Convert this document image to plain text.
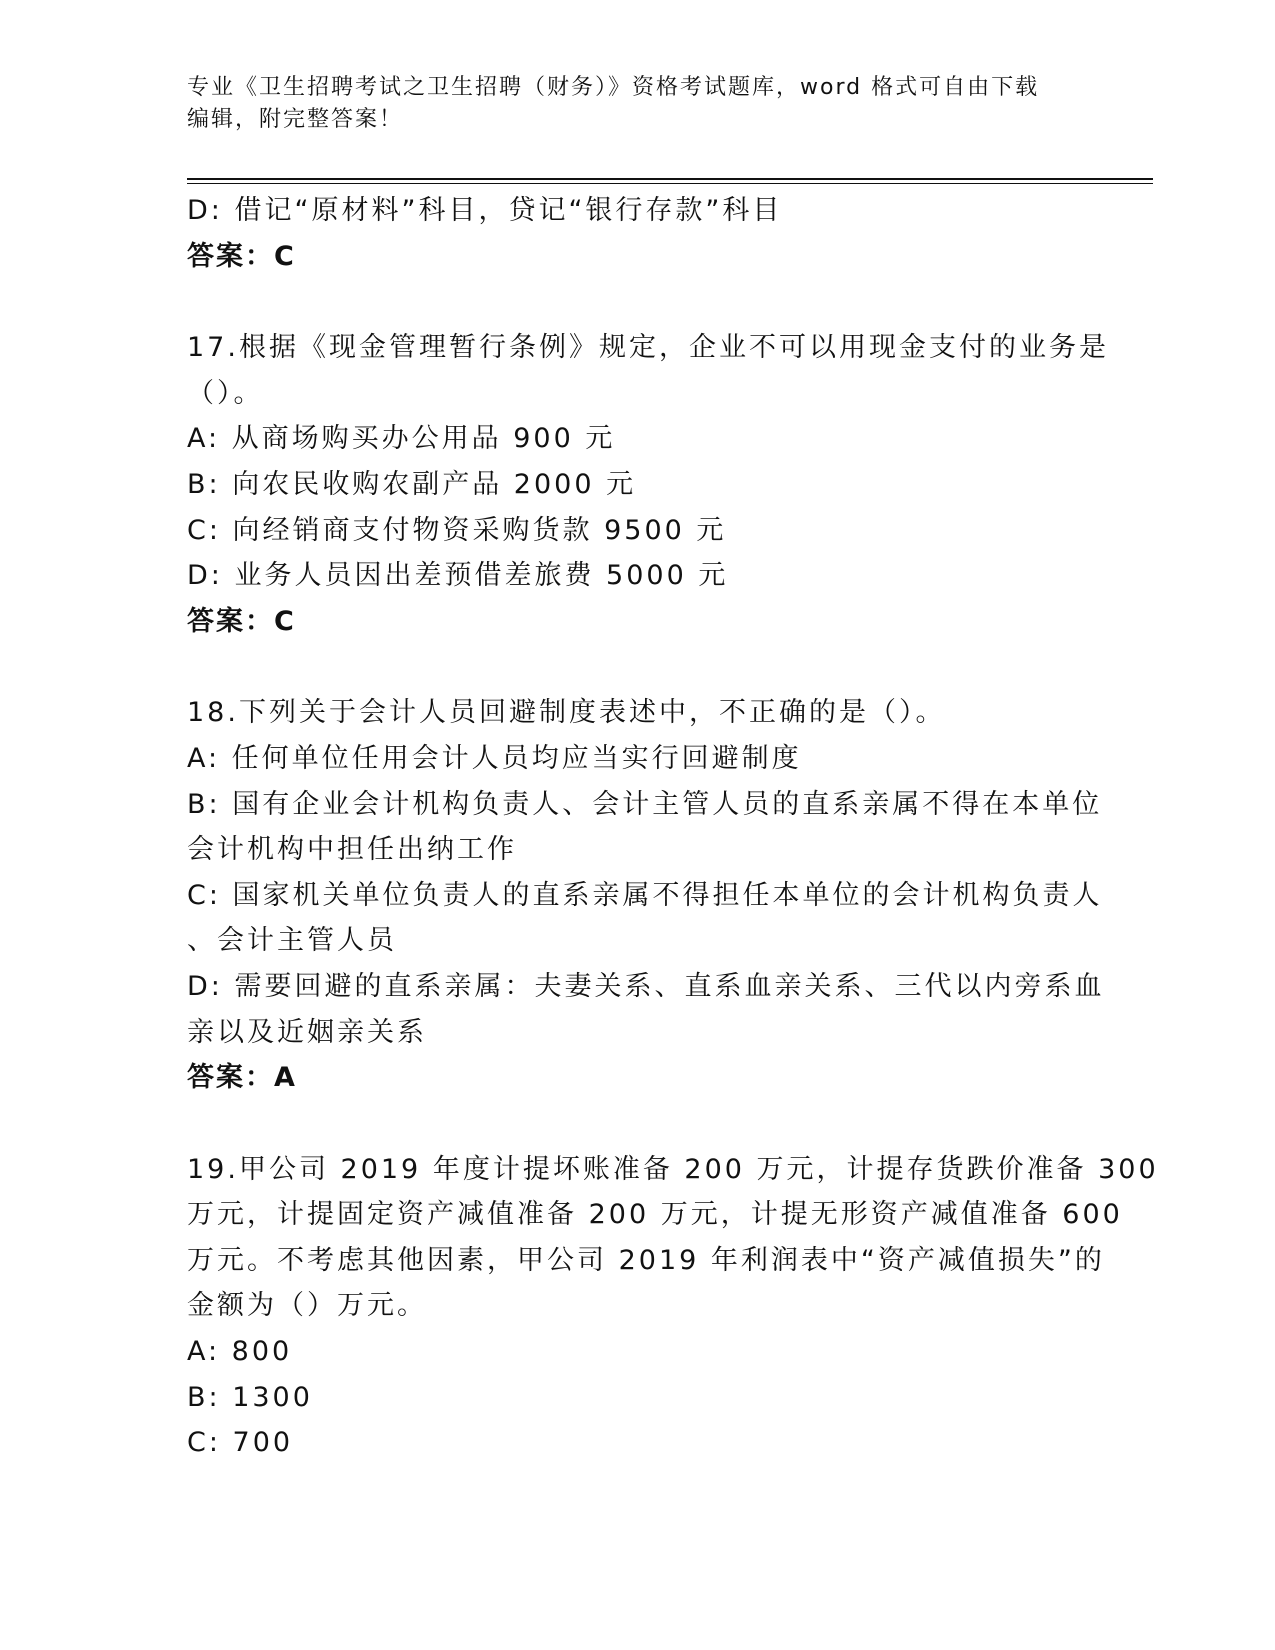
专业《卫生招聘考试之卫生招聘（财务）》资格考试题库，word 格式可自由下载
编辑，附完整答案！
D: 借记“原材料”科目，贷记“银行存款”科目
答案：C
17.根据《现金管理暂行条例》规定，企业不可以用现金支付的业务是
（）。
A: 从商场购买办公用品 900 元
B: 向农民收购农副产品 2000 元
C: 向经销商支付物资采购货款 9500 元
D: 业务人员因出差预借差旅费 5000 元
答案：C
18.下列关于会计人员回避制度表述中，不正确的是（）。
A: 任何单位任用会计人员均应当实行回避制度
B: 国有企业会计机构负责人、会计主管人员的直系亲属不得在本单位
会计机构中担任出纳工作
C: 国家机关单位负责人的直系亲属不得担任本单位的会计机构负责人
、会计主管人员
D: 需要回避的直系亲属：夫妻关系、直系血亲关系、三代以内旁系血
亲以及近姻亲关系
答案：A
19.甲公司 2019 年度计提坏账准备 200 万元，计提存货跌价准备 300
万元，计提固定资产减值准备 200 万元，计提无形资产减值准备 600
万元。不考虑其他因素，甲公司 2019 年利润表中“资产减值损失”的
金额为（）万元。
A: 800
B: 1300
C: 700
